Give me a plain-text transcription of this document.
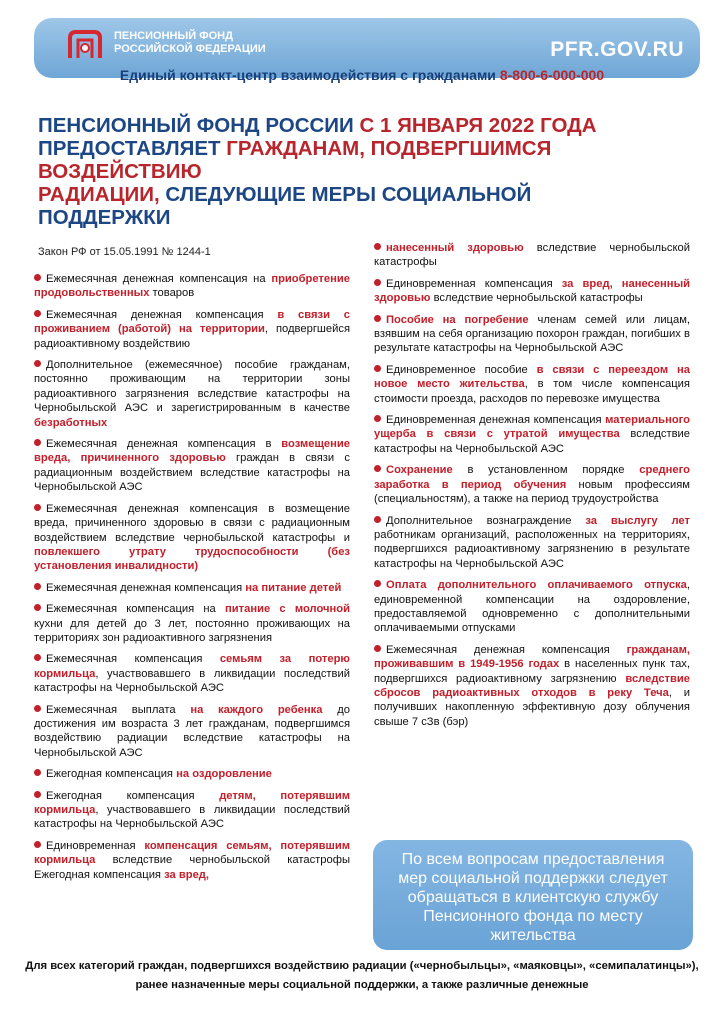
ПЕНСИОННЫЙ ФОНД
РОССИЙСКОЙ ФЕДЕРАЦИИ	PFR.GOV.RU
Единый контакт-центр взаимодействия с гражданами 8-800-6-000-000
ПЕНСИОННЫЙ ФОНД РОССИИ С 1 ЯНВАРЯ 2022 ГОДА
ПРЕДОСТАВЛЯЕТ ГРАЖДАНАМ, ПОДВЕРГШИМСЯ ВОЗДЕЙСТВИЮ
РАДИАЦИИ, СЛЕДУЮЩИЕ МЕРЫ СОЦИАЛЬНОЙ ПОДДЕРЖКИ
Закон РФ от 15.05.1991 № 1244-1
Ежемесячная денежная компенсация на приобретение продовольственных товаров
Ежемесячная денежная компенсация в связи с проживанием (работой) на территории, подвергшейся радиоактивному воздействию
Дополнительное (ежемесячное) пособие гражданам, постоянно проживающим на территории зоны радиоактивного загрязнения вследствие катастрофы на Чернобыльской АЭС и зарегистрированным в качестве безработных
Ежемесячная денежная компенсация в возмещение вреда, причиненного здоровью граждан в связи с радиационным воздействием вследствие катастрофы на Чернобыльской АЭС
Ежемесячная денежная компенсация в возмещение вреда, причиненного здоровью в связи с радиационным воздействием вследствие чернобыльской катастрофы и повлекшего утрату трудоспособности (без установления инвалидности)
Ежемесячная денежная компенсация на питание детей
Ежемесячная компенсация на питание с молочной кухни для детей до 3 лет, постоянно проживающих на территориях зон радиоактивного загрязнения
Ежемесячная компенсация семьям за потерю кормильца, участвовавшего в ликвидации последствий катастрофы на Чернобыльской АЭС
Ежемесячная выплата на каждого ребенка до достижения им возраста 3 лет гражданам, подвергшимся воздействию радиации вследствие катастрофы на Чернобыльской АЭС
Ежегодная компенсация на оздоровление
Ежегодная компенсация детям, потерявшим кормильца, участвовавшего в ликвидации последствий катастрофы на Чернобыльской АЭС
Единовременная компенсация семьям, потерявшим кормильца вследствие чернобыльской катастрофы Ежегодная компенсация за вред,
нанесенный здоровью вследствие чернобыльской катастрофы
Единовременная компенсация за вред, нанесенный здоровью вследствие чернобыльской катастрофы
Пособие на погребение членам семей или лицам, взявшим на себя организацию похорон граждан, погибших в результате катастрофы на Чернобыльской АЭС
Единовременное пособие в связи с переездом на новое место жительства, в том числе компенсация стоимости проезда, расходов по перевозке имущества
Единовременная денежная компенсация материального ущерба в связи с утратой имущества вследствие катастрофы на Чернобыльской АЭС
Сохранение в установленном порядке среднего заработка в период обучения новым профессиям (специальностям), а также на период трудоустройства
Дополнительное вознаграждение за выслугу лет работникам организаций, расположенных на территориях, подвергшихся радиоактивному загрязнению в результате катастрофы на Чернобыльской АЭС
Оплата дополнительного оплачиваемого отпуска, единовременной компенсации на оздоровление, предоставляемой одновременно с дополнительными оплачиваемыми отпусками
Ежемесячная денежная компенсация гражданам, проживавшим в 1949-1956 годах в населенных пунк тах, подвергшихся радиоактивному загрязнению вследствие сбросов радиоактивных отходов в реку Теча, и получивших накопленную эффективную дозу облучения свыше 7 сЗв (бэр)
По всем вопросам предоставления мер социальной поддержки следует обращаться в клиентскую службу Пенсионного фонда по месту жительства
Для всех категорий граждан, подвергшихся воздействию радиации («чернобыльцы», «маяковцы», «семипалатинцы»), ранее назначенные меры социальной поддержки, а также различные денежные
